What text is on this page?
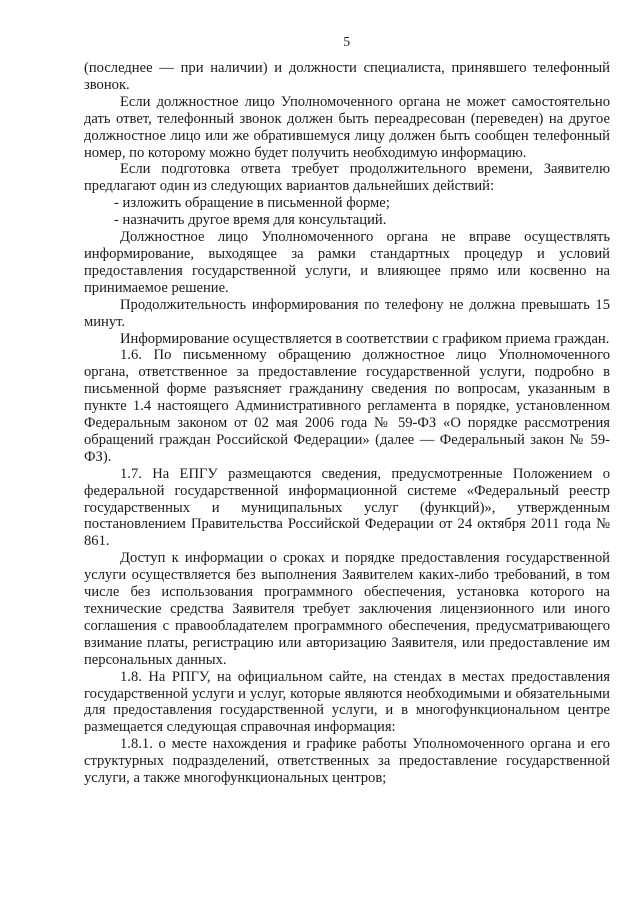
5

(последнее — при наличии) и должности специалиста, принявшего телефонный звонок.

Если должностное лицо Уполномоченного органа не может самостоятельно дать ответ, телефонный звонок должен быть переадресован (переведен) на другое должностное лицо или же обратившемуся лицу должен быть сообщен телефонный номер, по которому можно будет получить необходимую информацию.

Если подготовка ответа требует продолжительного времени, Заявителю предлагают один из следующих вариантов дальнейших действий:

- изложить обращение в письменной форме;

- назначить другое время для консультаций.

Должностное лицо Уполномоченного органа не вправе осуществлять информирование, выходящее за рамки стандартных процедур и условий предоставления государственной услуги, и влияющее прямо или косвенно на принимаемое решение.

Продолжительность информирования по телефону не должна превышать 15 минут.

Информирование осуществляется в соответствии с графиком приема граждан.

1.6. По письменному обращению должностное лицо Уполномоченного органа, ответственное за предоставление государственной услуги, подробно в письменной форме разъясняет гражданину сведения по вопросам, указанным в пункте 1.4 настоящего Административного регламента в порядке, установленном Федеральным законом от 02 мая 2006 года № 59-ФЗ «О порядке рассмотрения обращений граждан Российской Федерации» (далее — Федеральный закон № 59-ФЗ).

1.7. На ЕПГУ размещаются сведения, предусмотренные Положением о федеральной государственной информационной системе «Федеральный реестр государственных и муниципальных услуг (функций)», утвержденным постановлением Правительства Российской Федерации от 24 октября 2011 года № 861.

Доступ к информации о сроках и порядке предоставления государственной услуги осуществляется без выполнения Заявителем каких-либо требований, в том числе без использования программного обеспечения, установка которого на технические средства Заявителя требует заключения лицензионного или иного соглашения с правообладателем программного обеспечения, предусматривающего взимание платы, регистрацию или авторизацию Заявителя, или предоставление им персональных данных.

1.8. На РПГУ, на официальном сайте, на стендах в местах предоставления государственной услуги и услуг, которые являются необходимыми и обязательными для предоставления государственной услуги, и в многофункциональном центре размещается следующая справочная информация:

1.8.1. о месте нахождения и графике работы Уполномоченного органа и его структурных подразделений, ответственных за предоставление государственной услуги, а также многофункциональных центров;
